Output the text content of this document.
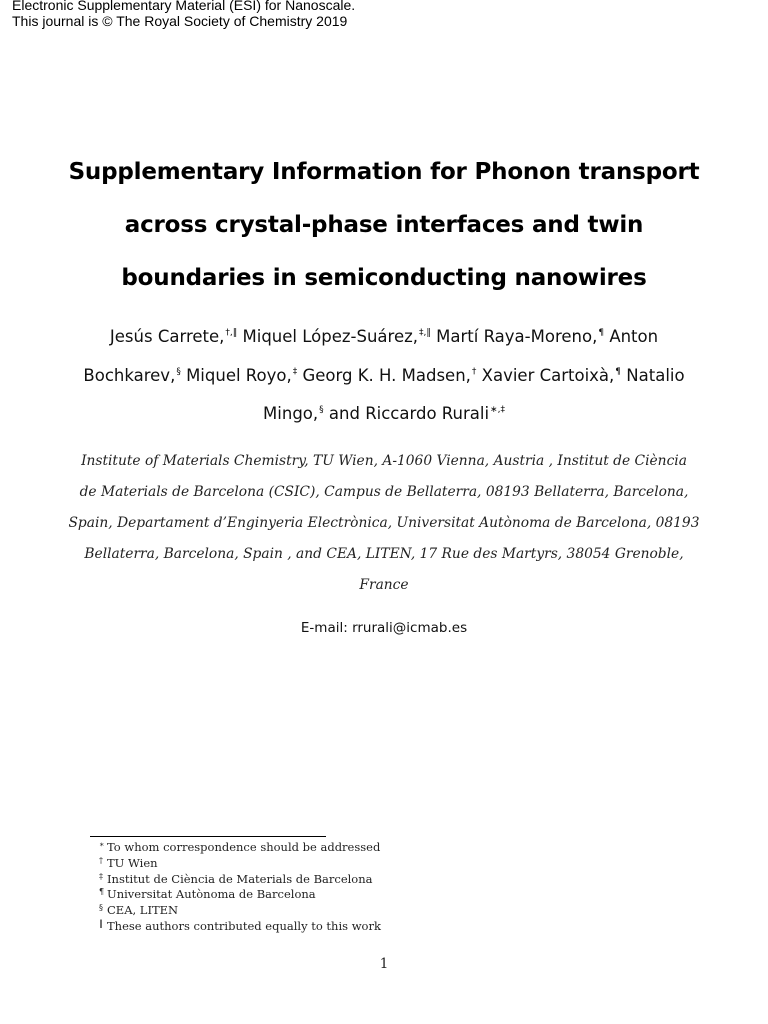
Electronic Supplementary Material (ESI) for Nanoscale.
This journal is © The Royal Society of Chemistry 2019
Supplementary Information for Phonon transport
across crystal-phase interfaces and twin
boundaries in semiconducting nanowires
Jesús Carrete,†,‖ Miquel López-Suárez,‡,‖ Martí Raya-Moreno,¶ Anton
Bochkarev,§ Miquel Royo,‡ Georg K. H. Madsen,† Xavier Cartoixà,¶ Natalio
Mingo,§ and Riccardo Rurali∗,‡
Institute of Materials Chemistry, TU Wien, A-1060 Vienna, Austria , Institut de Ciència
de Materials de Barcelona (CSIC), Campus de Bellaterra, 08193 Bellaterra, Barcelona,
Spain, Departament d’Enginyeria Electrònica, Universitat Autònoma de Barcelona, 08193
Bellaterra, Barcelona, Spain , and CEA, LITEN, 17 Rue des Martyrs, 38054 Grenoble,
France
E-mail: rrurali@icmab.es
∗ To whom correspondence should be addressed
† TU Wien
‡ Institut de Ciència de Materials de Barcelona
¶ Universitat Autònoma de Barcelona
§ CEA, LITEN
‖ These authors contributed equally to this work
1
